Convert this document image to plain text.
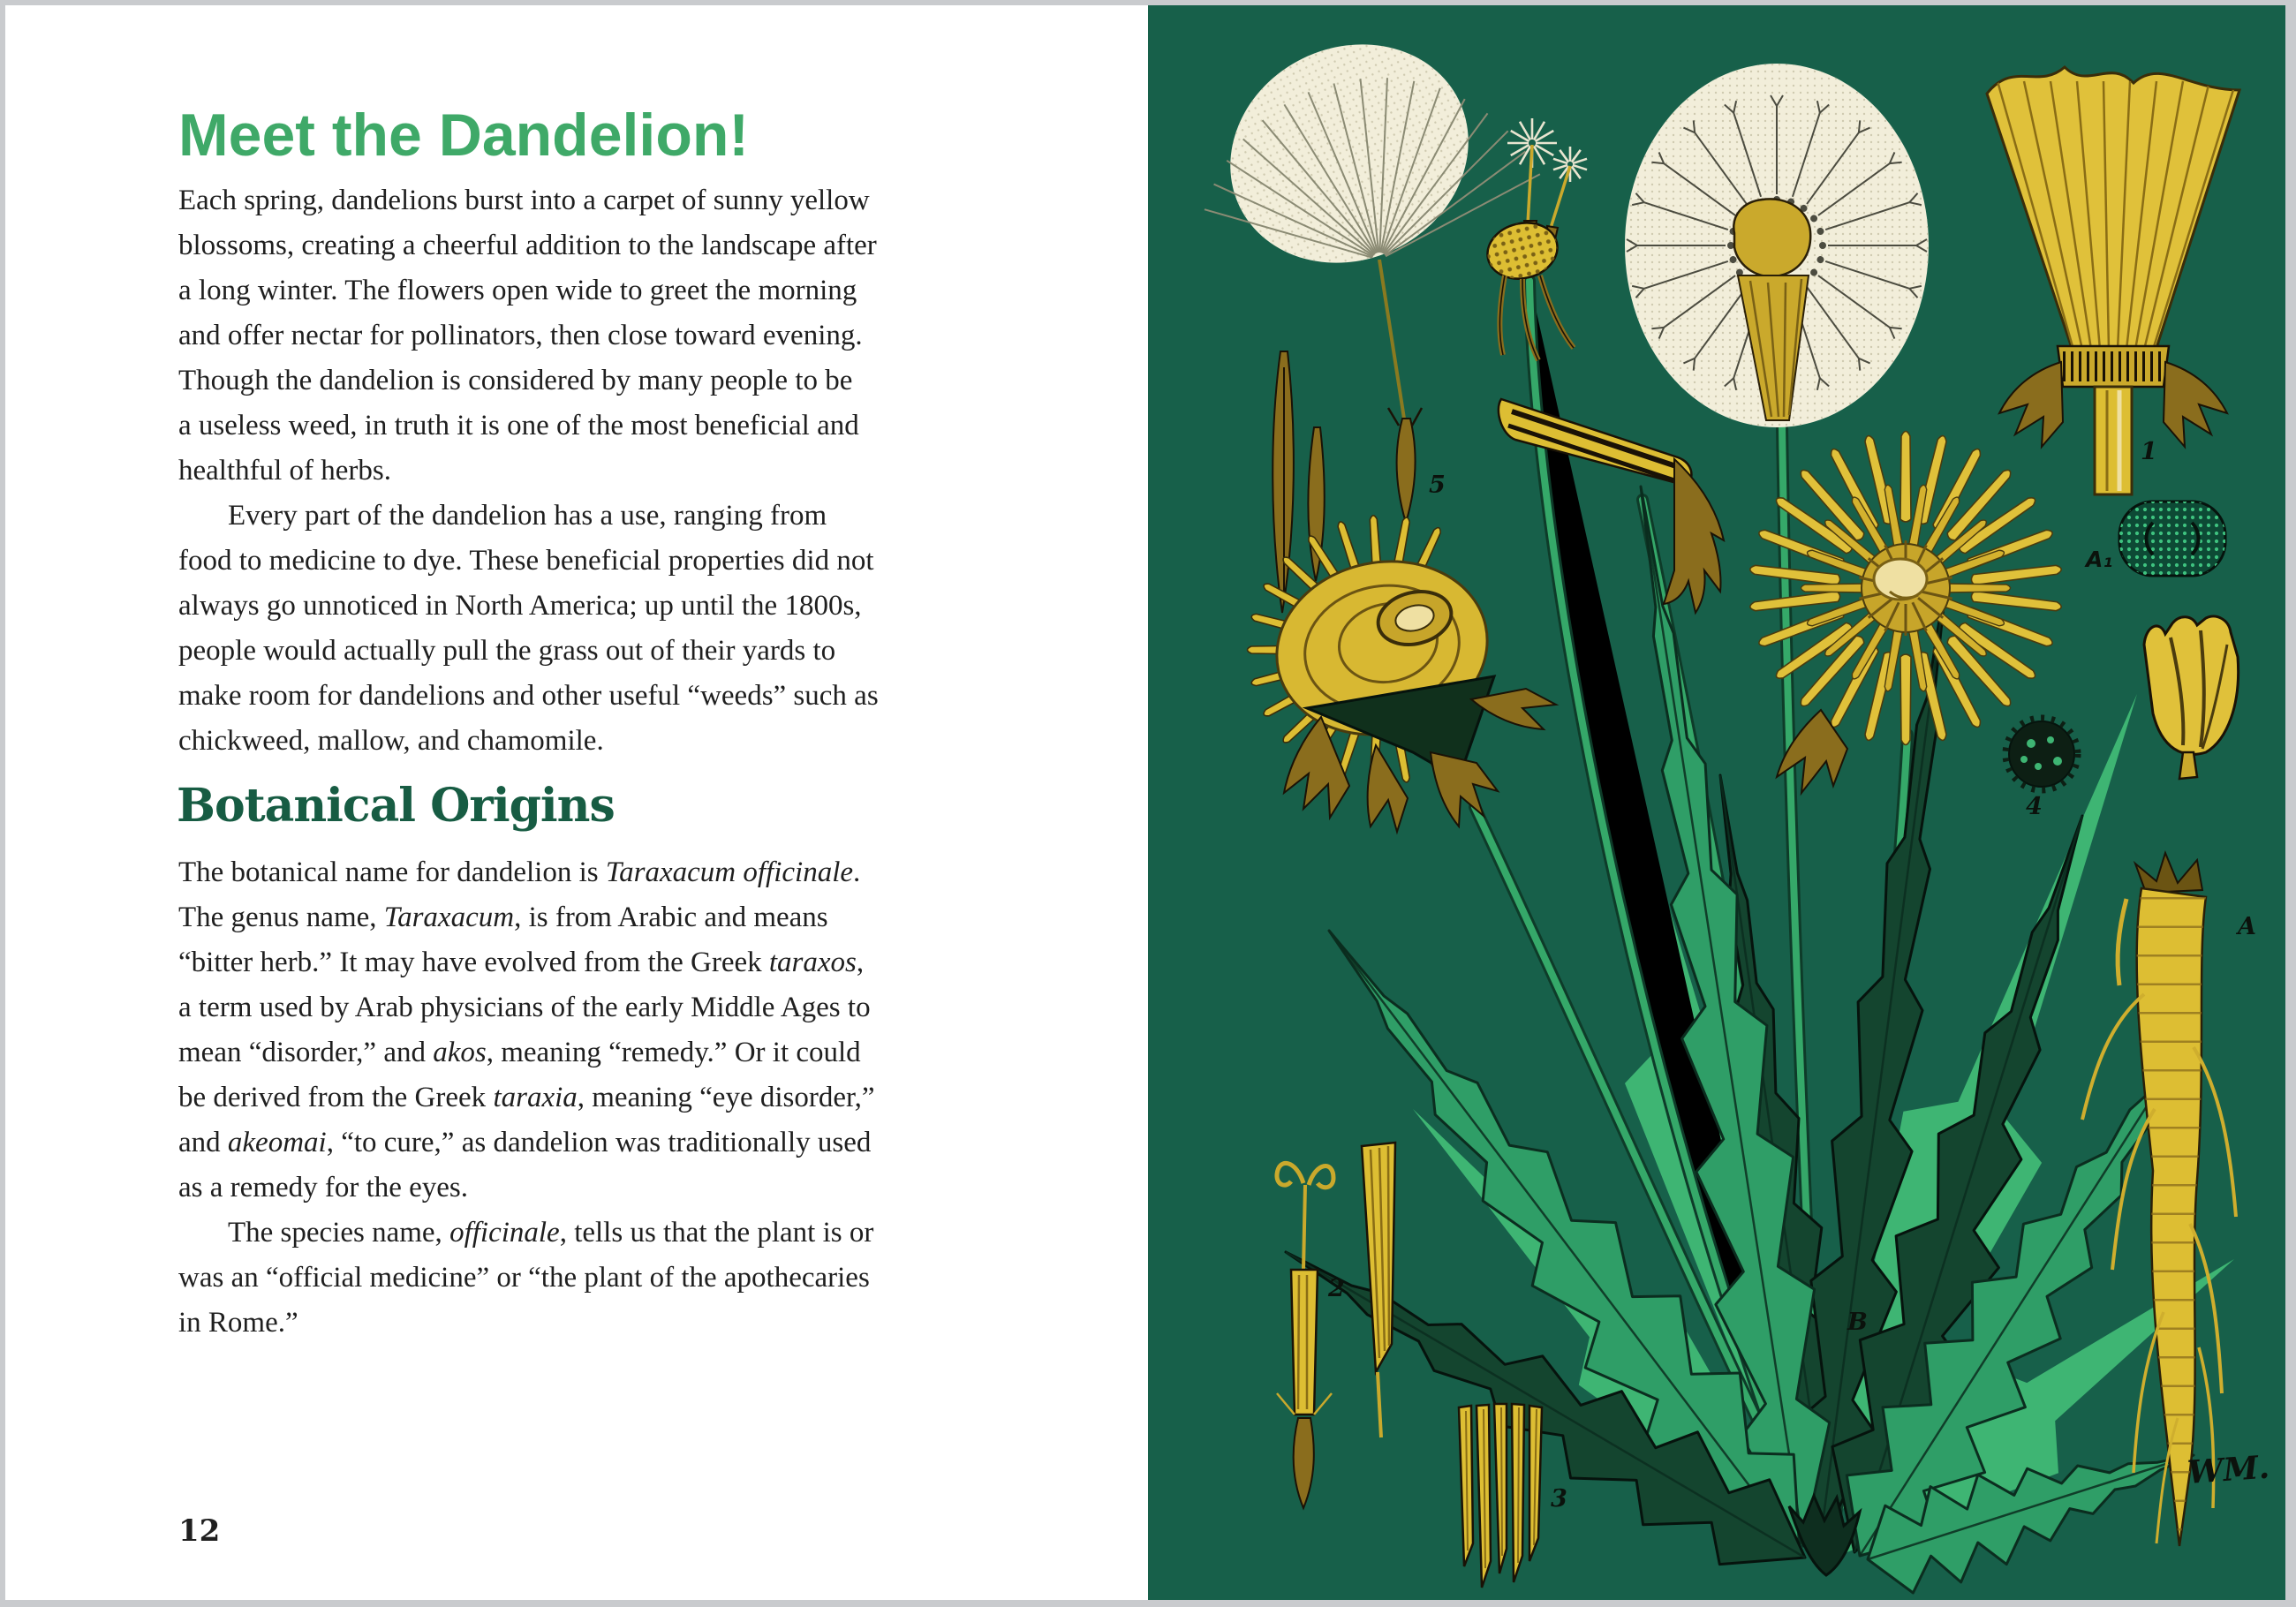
Meet the Dandelion!
Each spring, dandelions burst into a carpet of sunny yellow
blossoms, creating a cheerful addition to the landscape after
a long winter. The flowers open wide to greet the morning
and offer nectar for pollinators, then close toward evening.
Though the dandelion is considered by many people to be
a useless weed, in truth it is one of the most beneficial and
healthful of herbs.
Every part of the dandelion has a use, ranging from
food to medicine to dye. These beneficial properties did not
always go unnoticed in North America; up until the 1800s,
people would actually pull the grass out of their yards to
make room for dandelions and other useful “weeds” such as
chickweed, mallow, and chamomile.
Botanical Origins
The botanical name for dandelion is Taraxacum officinale.
The genus name, Taraxacum, is from Arabic and means
“bitter herb.” It may have evolved from the Greek taraxos,
a term used by Arab physicians of the early Middle Ages to
mean “disorder,” and akos, meaning “remedy.” Or it could
be derived from the Greek taraxia, meaning “eye disorder,”
and akeomai, “to cure,” as dandelion was traditionally used
as a remedy for the eyes.
The species name, officinale, tells us that the plant is or
was an “official medicine” or “the plant of the apothecaries
in Rome.”
12
5
1
A₁
4
A
2
3
B
WM.
